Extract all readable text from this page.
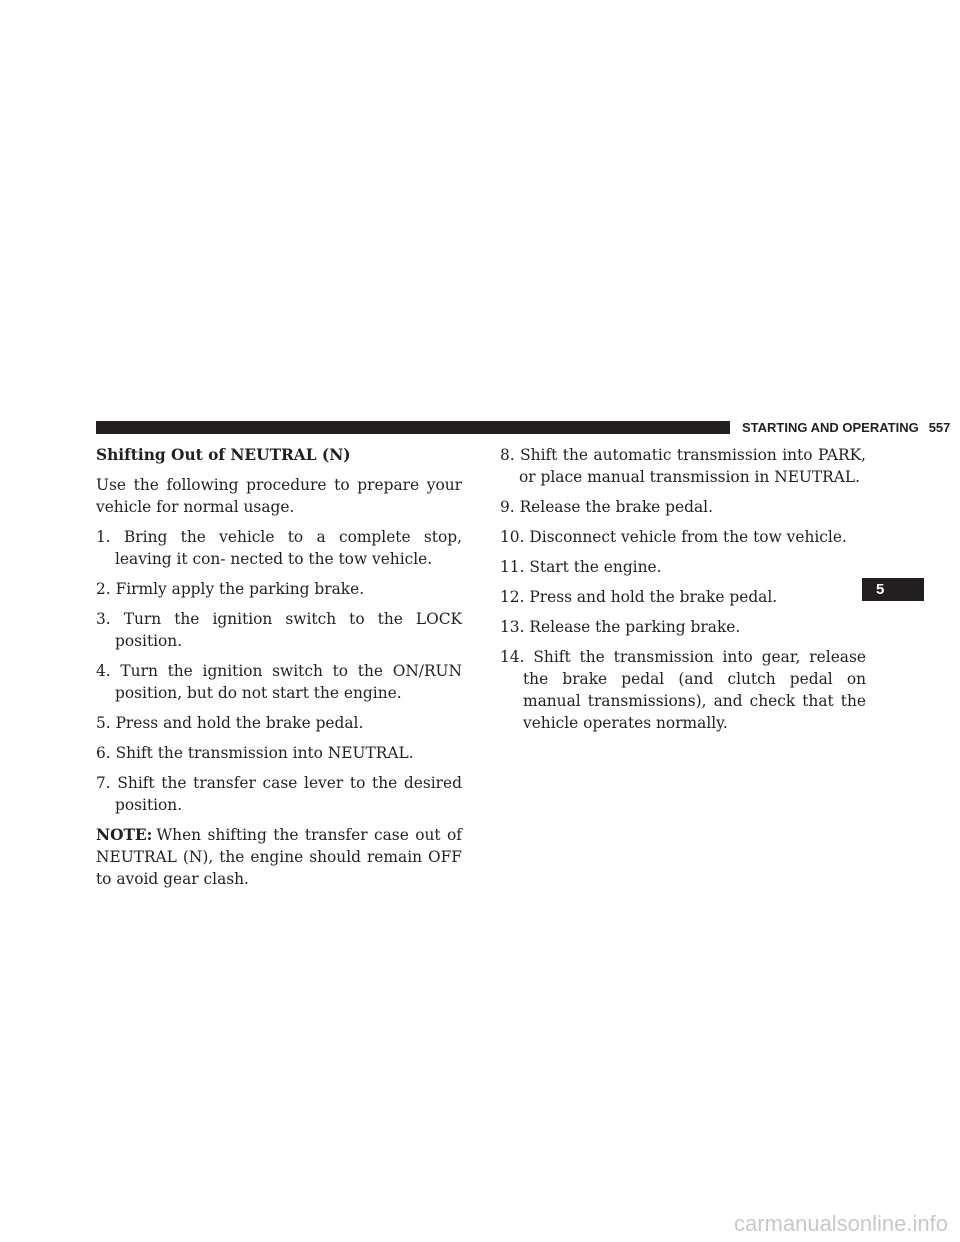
STARTING AND OPERATING 557
Shifting Out of NEUTRAL (N)

Use the following procedure to prepare your vehicle for normal usage.

1. Bring the vehicle to a complete stop, leaving it con- nected to the tow vehicle.
2. Firmly apply the parking brake.
3. Turn the ignition switch to the LOCK position.
4. Turn the ignition switch to the ON/RUN position, but do not start the engine.
5. Press and hold the brake pedal.
6. Shift the transmission into NEUTRAL.
7. Shift the transfer case lever to the desired position.

NOTE: When shifting the transfer case out of NEUTRAL (N), the engine should remain OFF to avoid gear clash.

8. Shift the automatic transmission into PARK, or place manual transmission in NEUTRAL.
9. Release the brake pedal.
10. Disconnect vehicle from the tow vehicle.
11. Start the engine.
12. Press and hold the brake pedal.
13. Release the parking brake.
14. Shift the transmission into gear, release the brake pedal (and clutch pedal on manual transmissions), and check that the vehicle operates normally.
5
carmanualsonline.info
